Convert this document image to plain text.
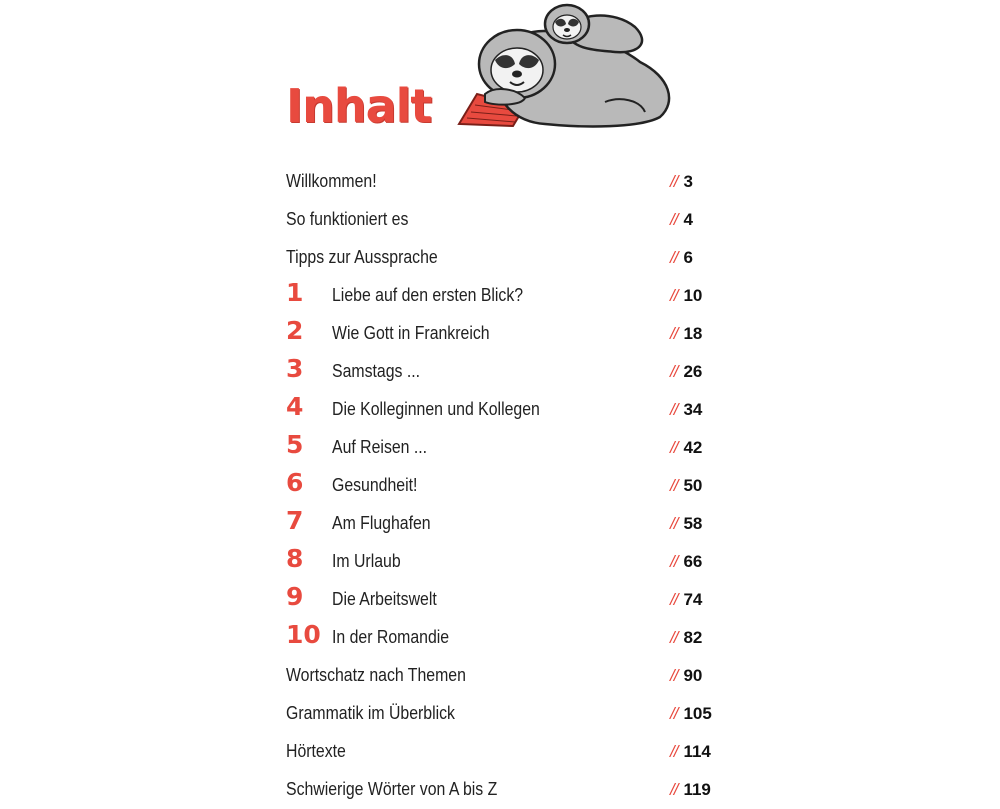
Inhalt
Willkommen!	// 3
So funktioniert es	// 4
Tipps zur Aussprache	// 6
1 Liebe auf den ersten Blick?	// 10
2 Wie Gott in Frankreich	// 18
3 Samstags ...	// 26
4 Die Kolleginnen und Kollegen	// 34
5 Auf Reisen ...	// 42
6 Gesundheit!	// 50
7 Am Flughafen	// 58
8 Im Urlaub	// 66
9 Die Arbeitswelt	// 74
10 In der Romandie	// 82
Wortschatz nach Themen	// 90
Grammatik im Überblick	// 105
Hörtexte	// 114
Schwierige Wörter von A bis Z	// 119
